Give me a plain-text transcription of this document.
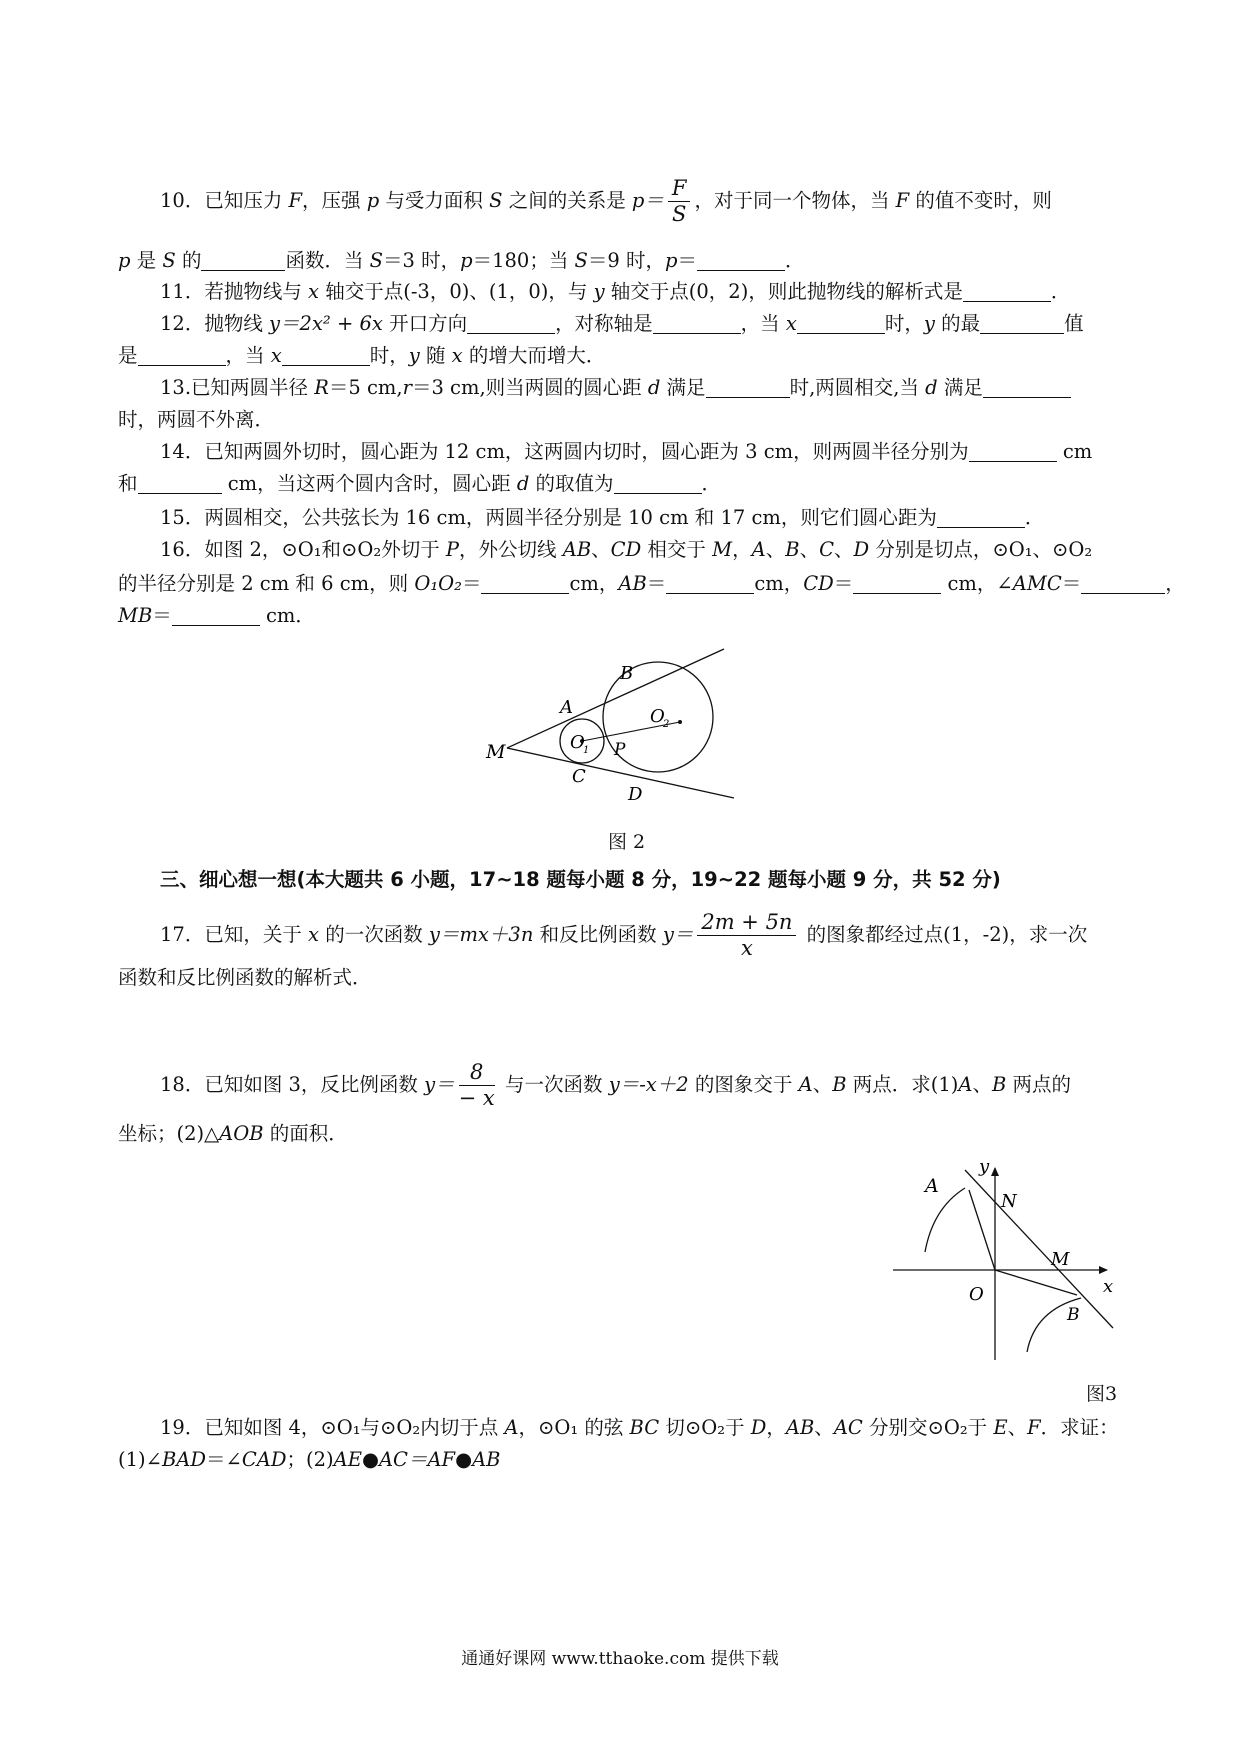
10．已知压力 F，压强 p 与受力面积 S 之间的关系是 $p= \frac{F}{S}$ ，对于同一个物体，当 F 的值不变时，则
p 是 S 的	函数．当 S＝3 时，p＝180；当 S＝9 时，p＝	．
11．若抛物线与 x 轴交于点(-3，0)、(1，0)，与 y 轴交于点(0，2)，则此抛物线的解析式是	．
12．抛物线 y＝2x² + 6x 开口方向	，对称轴是	，当 x	时，y 的最	值
是	，当 x	时，y 随 x 的增大而增大．
13.已知两圆半径 R＝5 cm,r＝3 cm,则当两圆的圆心距 d 满足	时,两圆相交,当 d 满足
时，两圆不外离．
14．已知两圆外切时，圆心距为 12 cm，这两圆内切时，圆心距为 3 cm，则两圆半径分别为	cm
和	cm，当这两个圆内含时，圆心距 d 的取值为	．
15．两圆相交，公共弦长为 16 cm，两圆半径分别是 10 cm 和 17 cm，则它们圆心距为	．
16．如图 2，⊙O₁和⊙O₂外切于 P，外公切线 AB、CD 相交于 M，A、B、C、D 分别是切点，⊙O₁、⊙O₂
的半径分别是 2 cm 和 6 cm，则 O₁O₂＝	cm，AB＝	cm，CD＝	cm，∠AMC＝	，
MB＝	cm．
M
A
B
C
D
O
1
O
2
P
图 2
三、细心想一想(本大题共 6 小题，17~18 题每小题 8 分，19~22 题每小题 9 分，共 52 分)
17．已知，关于 x 的一次函数 y＝mx＋3n 和反比例函数 $y= \frac{2m + 5n}{x}$ 的图象都经过点(1，-2)，求一次
函数和反比例函数的解析式．
18．已知如图 3，反比例函数 $y= \frac{8}{- x}$ 与一次函数 y＝-x＋2 的图象交于 A、B 两点．求(1)A、B 两点的
坐标；(2)△AOB 的面积．
y
x
A
N
M
O
B
图3
19．已知如图 4，⊙O₁与⊙O₂内切于点 A，⊙O₁ 的弦 BC 切⊙O₂于 D，AB、AC 分别交⊙O₂于 E、F．求证：
(1)∠BAD＝∠CAD；(2)AE●AC＝AF●AB
通通好课网 www.tthaoke.com 提供下载
